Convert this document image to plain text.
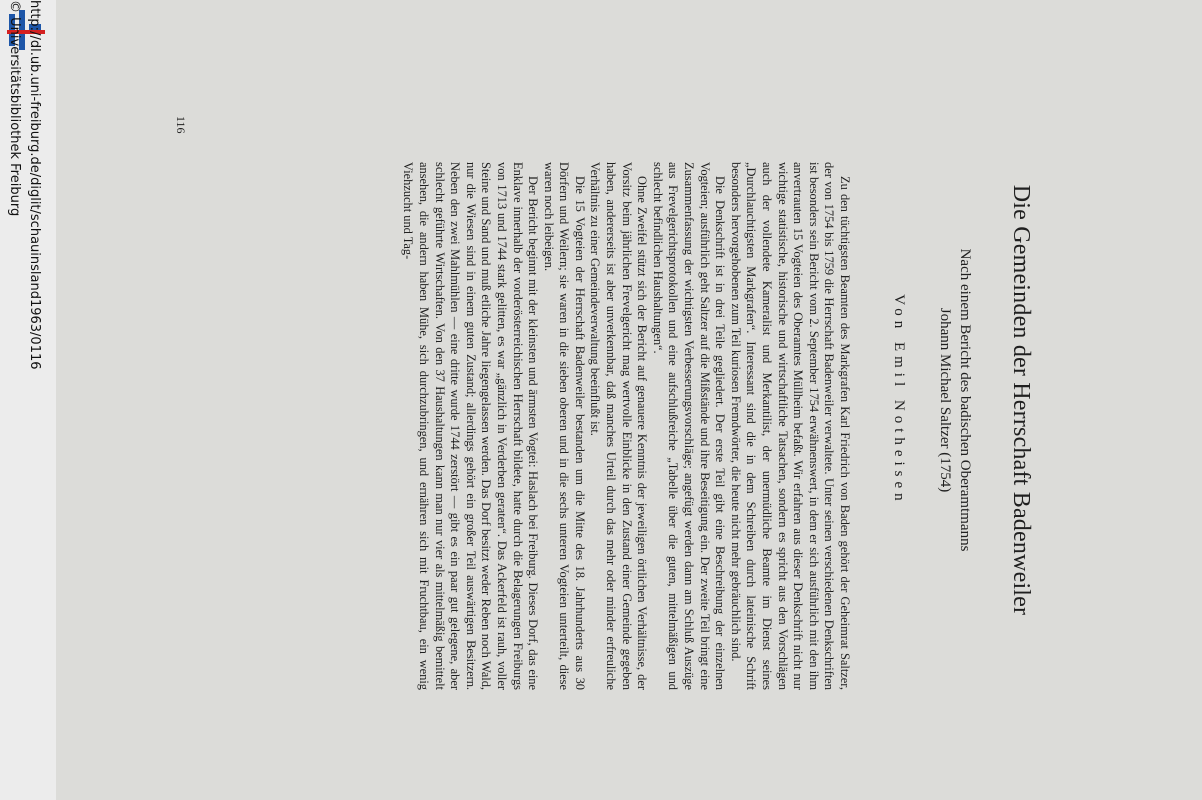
http://dl.ub.uni-freiburg.de/diglit/schauinsland1963/0116
© Universitätsbibliothek Freiburg
Die Gemeinden der Herrschaft Badenweiler
Nach einem Bericht des badischen Oberamtmanns
Johann Michael Saltzer (1754)
Von Emil Notheisen

Zu den tüchtigsten Beamten des Markgrafen Karl Friedrich von Baden gehört der Geheimrat Saltzer, der von 1754 bis 1759 die Herrschaft Badenweiler verwaltete. Unter seinen verschiedenen Denkschriften ist besonders sein Bericht vom 2. September 1754 erwähnenswert, in dem er sich ausführlich mit den ihm anvertrauten 15 Vogteien des Oberamtes Müllheim befaßt. Wir erfahren aus dieser Denkschrift nicht nur wichtige statistische, historische und wirtschaftliche Tatsachen, sondern es spricht aus den Vorschlägen auch der vollendete Kameralist und Merkantilist, der unermüdliche Beamte im Dienst seines „Durchlauchtigsten Markgrafen“. Interessant sind die in dem Schreiben durch lateinische Schrift besonders hervorgehobenen zum Teil kuriosen Fremdwörter, die heute nicht mehr gebräuchlich sind.

Die Denkschrift ist in drei Teile gegliedert. Der erste Teil gibt eine Beschreibung der einzelnen Vogteien; ausführlich geht Saltzer auf die Mißstände und ihre Beseitigung ein. Der zweite Teil bringt eine Zusammenfassung der wichtigsten Verbesserungsvorschläge; angefügt werden dann am Schluß Auszüge aus Frevelgerichtsprotokollen und eine aufschlußreiche „Tabelle über die guten, mittelmäßigen und schlecht befindlichen Haushaltungen“.

Ohne Zweifel stützt sich der Bericht auf genauere Kenntnis der jeweiligen örtlichen Verhältnisse, der Vorsitz beim jährlichen Frevelgericht mag wertvolle Einblicke in den Zustand einer Gemeinde gegeben haben, andererseits ist aber unverkennbar, daß manches Urteil durch das mehr oder minder erfreuliche Verhältnis zu einer Gemeindeverwaltung beeinflußt ist.

Die 15 Vogteien der Herrschaft Badenweiler bestanden um die Mitte des 18. Jahrhunderts aus 30 Dörfern und Weilern; sie waren in die sieben oberen und in die sechs unteren Vogteien unterteilt, diese waren noch leibeigen.

Der Bericht beginnt mit der kleinsten und ärmsten Vogtei: Haslach bei Freiburg. Dieses Dorf, das eine Enklave innerhalb der vorderösterreichischen Herrschaft bildete, hatte durch die Belagerungen Freiburgs von 1713 und 1744 stark gelitten, es war „gänzlich in Verderben geraten“. Das Ackerfeld ist rauh, voller Steine und Sand und muß etliche Jahre liegengelassen werden. Das Dorf besitzt weder Reben noch Wald, nur die Wiesen sind in einem guten Zustand; allerdings gehört ein großer Teil auswärtigen Besitzern. Neben den zwei Mahlmühlen — eine dritte wurde 1744 zerstört — gibt es ein paar gut gelegene, aber schlecht geführte Wirtschaften. Von den 37 Haushaltungen kann man nur vier als mittelmäßig bemittelt ansehen, die andern haben Mühe, sich durchzubringen, und ernähren sich mit Fruchtbau, ein wenig Viehzucht und Tag-

116
